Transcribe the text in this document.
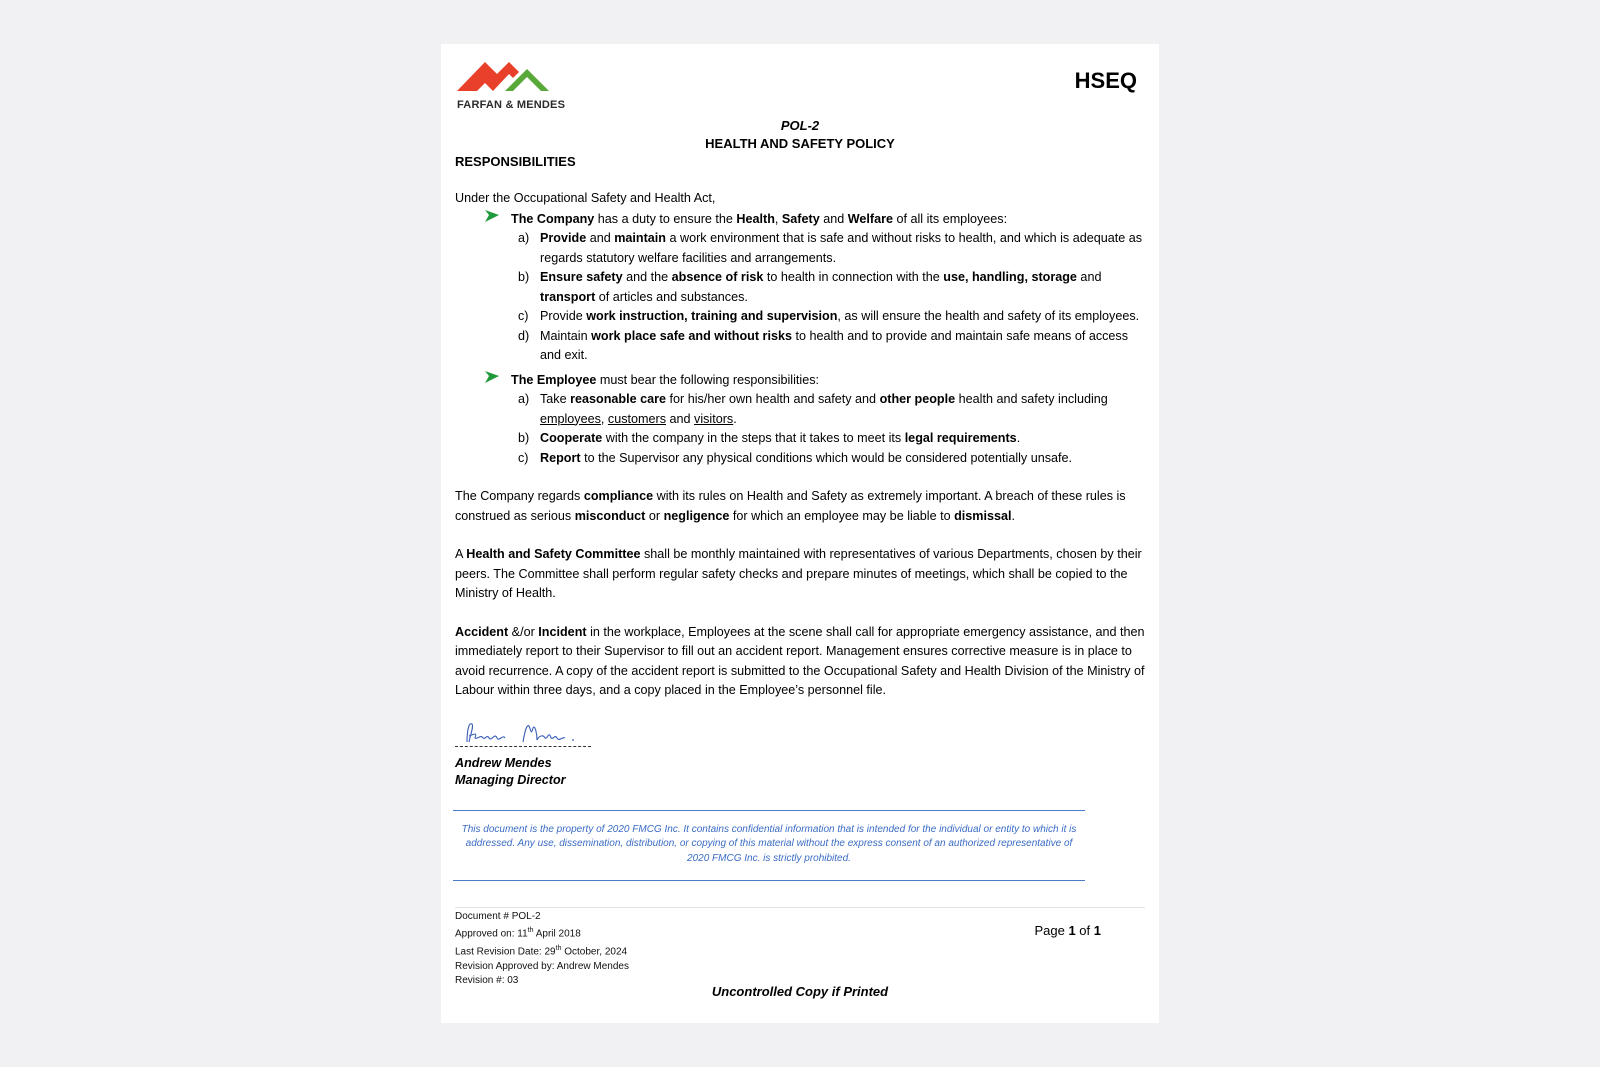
FARFAN & MENDES
HSEQ
POL-2
HEALTH AND SAFETY POLICY
RESPONSIBILITIES

Under the Occupational Safety and Health Act,

The Company has a duty to ensure the Health, Safety and Welfare of all its employees:
a) Provide and maintain a work environment that is safe and without risks to health, and which is adequate as regards statutory welfare facilities and arrangements.
b) Ensure safety and the absence of risk to health in connection with the use, handling, storage and transport of articles and substances.
c) Provide work instruction, training and supervision, as will ensure the health and safety of its employees.
d) Maintain work place safe and without risks to health and to provide and maintain safe means of access and exit.
The Employee must bear the following responsibilities:
a) Take reasonable care for his/her own health and safety and other people health and safety including employees, customers and visitors.
b) Cooperate with the company in the steps that it takes to meet its legal requirements.
c) Report to the Supervisor any physical conditions which would be considered potentially unsafe.

The Company regards compliance with its rules on Health and Safety as extremely important. A breach of these rules is construed as serious misconduct or negligence for which an employee may be liable to dismissal.

A Health and Safety Committee shall be monthly maintained with representatives of various Departments, chosen by their peers. The Committee shall perform regular safety checks and prepare minutes of meetings, which shall be copied to the Ministry of Health.

Accident &/or Incident in the workplace, Employees at the scene shall call for appropriate emergency assistance, and then immediately report to their Supervisor to fill out an accident report. Management ensures corrective measure is in place to avoid recurrence. A copy of the accident report is submitted to the Occupational Safety and Health Division of the Ministry of Labour within three days, and a copy placed in the Employee’s personnel file.

Andrew Mendes
Managing Director
This document is the property of 2020 FMCG Inc. It contains confidential information that is intended for the individual or entity to which it is addressed. Any use, dissemination, distribution, or copying of this material without the express consent of an authorized representative of 2020 FMCG Inc. is strictly prohibited.
Document # POL-2
Approved on: 11th April 2018
Last Revision Date: 29th October, 2024
Revision Approved by: Andrew Mendes
Revision #: 03
Page 1 of 1
Uncontrolled Copy if Printed
